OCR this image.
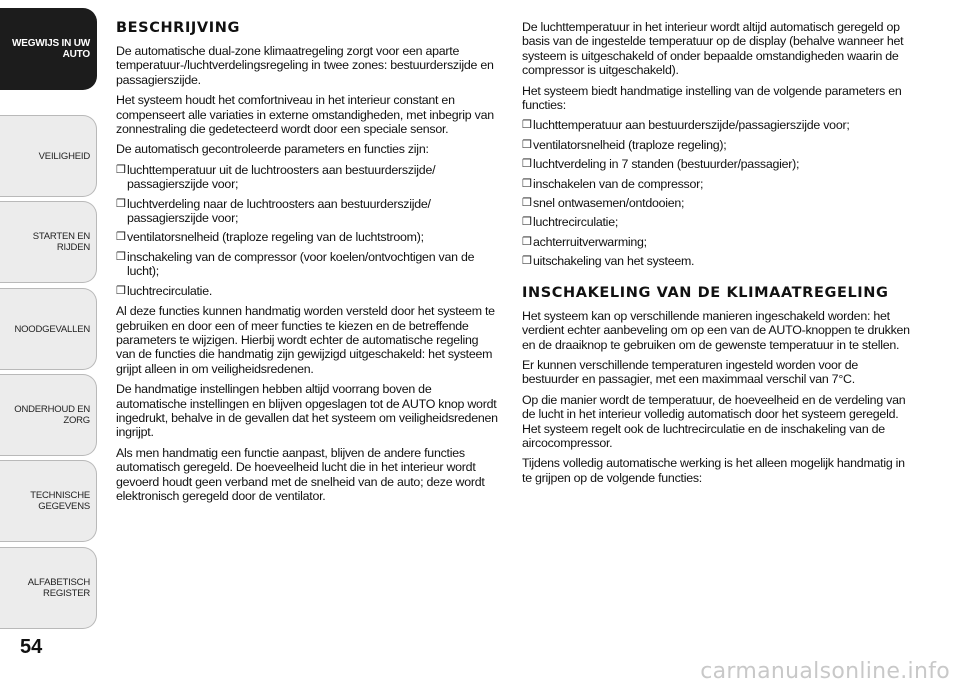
WEGWIJS IN UW
AUTO
VEILIGHEID
STARTEN EN RIJDEN
NOODGEVALLEN
ONDERHOUD EN
ZORG
TECHNISCHE
GEGEVENS
ALFABETISCH
REGISTER
54
BESCHRIJVING

De automatische dual-zone klimaatregeling zorgt voor een aparte temperatuur-/luchtverdelingsregeling in twee zones: bestuurderszijde en passagierszijde.

Het systeem houdt het comfortniveau in het interieur constant en compenseert alle variaties in externe omstandigheden, met inbegrip van zonnestraling die gedetecteerd wordt door een speciale sensor.

De automatisch gecontroleerde parameters en functies zijn:

❒ luchttemperatuur uit de luchtroosters aan bestuurderszijde/ passagierszijde voor;
❒ luchtverdeling naar de luchtroosters aan bestuurderszijde/ passagierszijde voor;
❒ ventilatorsnelheid (traploze regeling van de luchtstroom);
❒ inschakeling van de compressor (voor koelen/ontvochtigen van de lucht);
❒ luchtrecirculatie.

Al deze functies kunnen handmatig worden versteld door het systeem te gebruiken en door een of meer functies te kiezen en de betreffende parameters te wijzigen. Hierbij wordt echter de automatische regeling van de functies die handmatig zijn gewijzigd uitgeschakeld: het systeem grijpt alleen in om veiligheidsredenen.

De handmatige instellingen hebben altijd voorrang boven de automatische instellingen en blijven opgeslagen tot de AUTO knop wordt ingedrukt, behalve in de gevallen dat het systeem om veiligheidsredenen ingrijpt.

Als men handmatig een functie aanpast, blijven de andere functies automatisch geregeld. De hoeveelheid lucht die in het interieur wordt gevoerd houdt geen verband met de snelheid van de auto; deze wordt elektronisch geregeld door de ventilator.

De luchttemperatuur in het interieur wordt altijd automatisch geregeld op basis van de ingestelde temperatuur op de display (behalve wanneer het systeem is uitgeschakeld of onder bepaalde omstandigheden waarin de compressor is uitgeschakeld).

Het systeem biedt handmatige instelling van de volgende parameters en functies:

❒ luchttemperatuur aan bestuurderszijde/passagierszijde voor;
❒ ventilatorsnelheid (traploze regeling);
❒ luchtverdeling in 7 standen (bestuurder/passagier);
❒ inschakelen van de compressor;
❒ snel ontwasemen/ontdooien;
❒ luchtrecirculatie;
❒ achterruitverwarming;
❒ uitschakeling van het systeem.
INSCHAKELING VAN DE KLIMAATREGELING

Het systeem kan op verschillende manieren ingeschakeld worden: het verdient echter aanbeveling om op een van de AUTO-knoppen te drukken en de draaiknop te gebruiken om de gewenste temperatuur in te stellen.

Er kunnen verschillende temperaturen ingesteld worden voor de bestuurder en passagier, met een maximmaal verschil van 7°C.

Op die manier wordt de temperatuur, de hoeveelheid en de verdeling van de lucht in het interieur volledig automatisch door het systeem geregeld. Het systeem regelt ook de luchtrecirculatie en de inschakeling van de aircocompressor.

Tijdens volledig automatische werking is het alleen mogelijk handmatig in te grijpen op de volgende functies:

carmanualsonline.info
